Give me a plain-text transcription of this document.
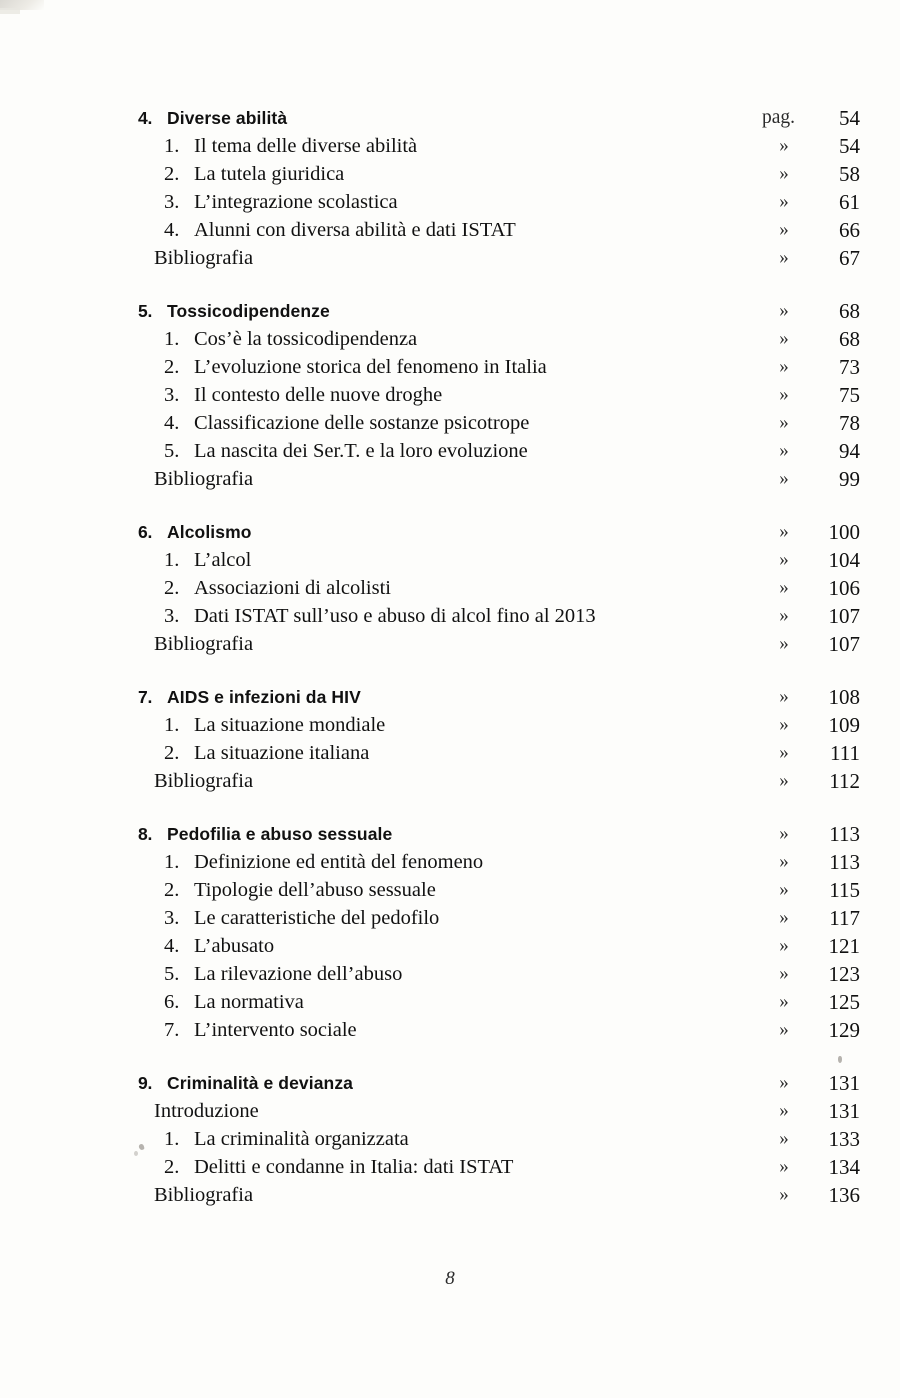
4. Diverse abilità	pag.	54
1. Il tema delle diverse abilità	»	54
2. La tutela giuridica	»	58
3. L’integrazione scolastica	»	61
4. Alunni con diversa abilità e dati ISTAT	»	66
Bibliografia	»	67
5. Tossicodipendenze	»	68
1. Cos’è la tossicodipendenza	»	68
2. L’evoluzione storica del fenomeno in Italia	»	73
3. Il contesto delle nuove droghe	»	75
4. Classificazione delle sostanze psicotrope	»	78
5. La nascita dei Ser.T. e la loro evoluzione	»	94
Bibliografia	»	99
6. Alcolismo	»	100
1. L’alcol	»	104
2. Associazioni di alcolisti	»	106
3. Dati ISTAT sull’uso e abuso di alcol fino al 2013	»	107
Bibliografia	»	107
7. AIDS e infezioni da HIV	»	108
1. La situazione mondiale	»	109
2. La situazione italiana	»	111
Bibliografia	»	112
8. Pedofilia e abuso sessuale	»	113
1. Definizione ed entità del fenomeno	»	113
2. Tipologie dell’abuso sessuale	»	115
3. Le caratteristiche del pedofilo	»	117
4. L’abusato	»	121
5. La rilevazione dell’abuso	»	123
6. La normativa	»	125
7. L’intervento sociale	»	129
9. Criminalità e devianza	»	131
Introduzione	»	131
1. La criminalità organizzata	»	133
2. Delitti e condanne in Italia: dati ISTAT	»	134
Bibliografia	»	136
8
